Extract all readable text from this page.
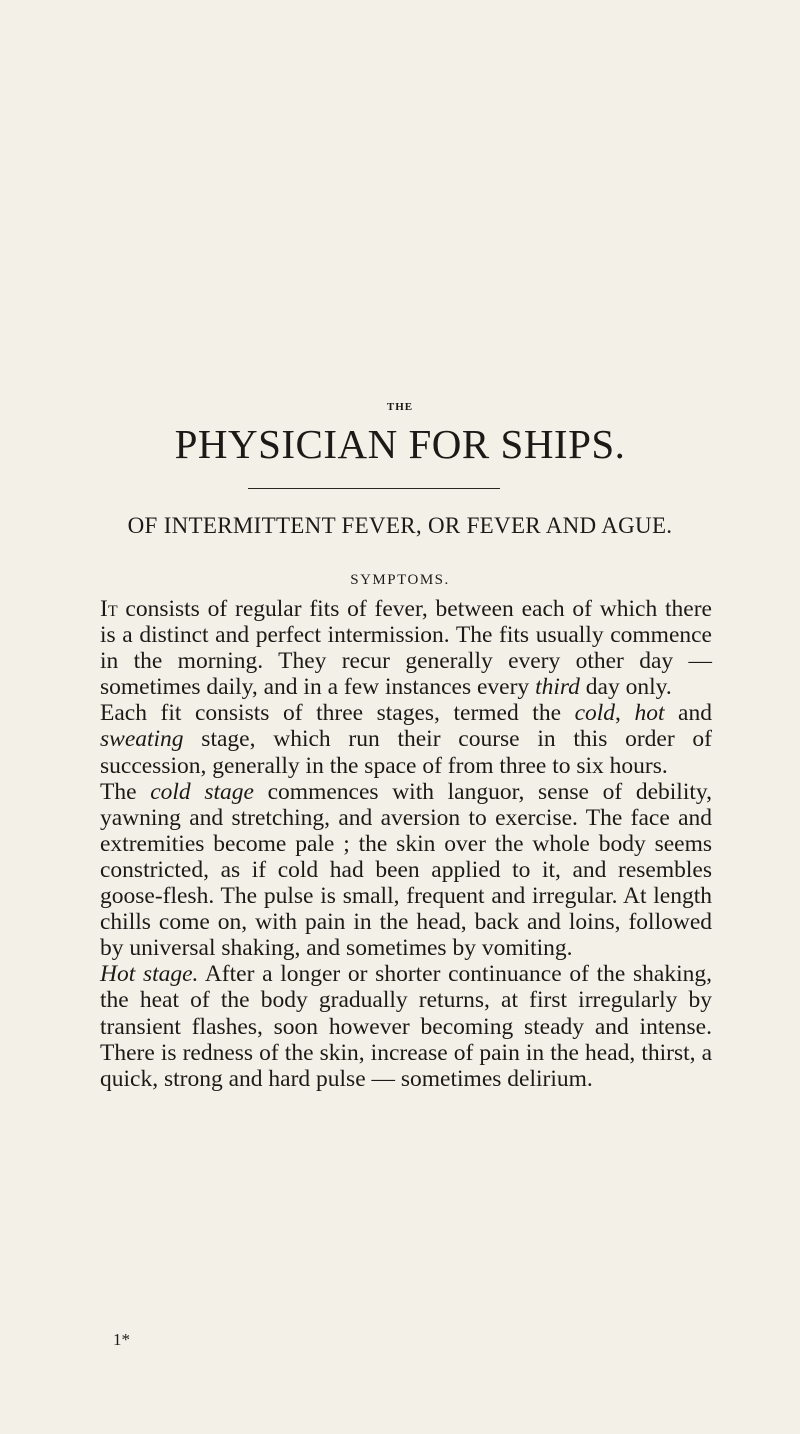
THE
PHYSICIAN FOR SHIPS.
OF INTERMITTENT FEVER, OR FEVER AND AGUE.
SYMPTOMS.

It consists of regular fits of fever, between each of which there is a distinct and perfect intermission. The fits usually commence in the morning. They recur generally every other day — sometimes daily, and in a few instances every third day only.

Each fit consists of three stages, termed the cold, hot and sweating stage, which run their course in this order of succession, generally in the space of from three to six hours.

The cold stage commences with languor, sense of debility, yawning and stretching, and aversion to exercise. The face and extremities become pale ; the skin over the whole body seems constricted, as if cold had been applied to it, and resembles goose-flesh. The pulse is small, frequent and irregular. At length chills come on, with pain in the head, back and loins, followed by universal shaking, and sometimes by vomiting.

Hot stage. After a longer or shorter continuance of the shaking, the heat of the body gradually returns, at first irregularly by transient flashes, soon however becoming steady and intense. There is redness of the skin, increase of pain in the head, thirst, a quick, strong and hard pulse — sometimes delirium.

1*
